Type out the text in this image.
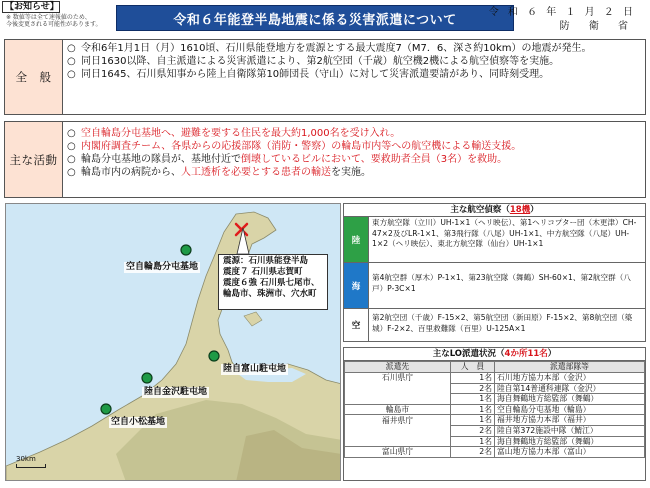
【お知らせ】
※ 数値等は全て速報値のため、
今後変更される可能性があります。	令和６年能登半島地震に係る災害派遣について	令 和 ６ 年 １ 月 ２ 日
防 衛 省
全　般
○ 令和6年1月1日（月）1610頃、石川県能登地方を震源とする最大震度7（M7．6、深さ約10km）の地震が発生。
○ 同日1630以降、自主派遣による災害派遣により、第2航空団（千歳）航空機2機による航空偵察等を実施。
○ 同日1645、石川県知事から陸上自衛隊第10師団長（守山）に対して災害派遣要請があり、同時刻受理。
主な活動
○ 空自輪島分屯基地へ、避難を要する住民を最大約1,000名を受け入れ。
○ 内閣府調査チーム、各県からの応援部隊（消防・警察）の輪島市内等への航空機による輸送支援。
○ 輪島分屯基地の隊員が、基地付近で倒壊しているビルにおいて、要救助者全員（3名）を救助。
○ 輪島市内の病院から、人工透析を必要とする患者の輸送を実施。
空自輪島分屯基地
陸自富山駐屯地
陸自金沢駐屯地
空自小松基地
震源：石川県能登半島
震度７ 石川県志賀町
震度６強 石川県七尾市、
輪島市、珠洲市、穴水町
30km
主な航空偵察（18機）
陸
東方航空隊（立川）UH-1×1（ヘリ映伝）、第1ヘリコプター団（木更津）CH-47×2及びLR-1×1、第3飛行隊（八尾）UH-1×1、中方航空隊（八尾）UH-1×2（ヘリ映伝）、東北方航空隊（仙台）UH-1×1
海
第4航空群（厚木）P-1×1、第23航空隊（舞鶴）SH-60×1、第2航空群（八戸）P-3C×1
空
第2航空団（千歳）F-15×2、第5航空団（新田原）F-15×2、第8航空団（築城）F-2×2、百里救難隊（百里）U-125A×1
主なLO派遣状況（4か所11名）
派遣先	人　員	派遣部隊等
石川県庁	1名	石川地方協力本部（金沢）
	2名	陸自第14普通科連隊（金沢）
	1名	海自舞鶴地方総監部（舞鶴）
輪島市	1名	空自輪島分屯基地（輪島）
福井県庁	1名	福井地方協力本部（福井）
	2名	陸自第372施設中隊（鯖江）
	1名	海自舞鶴地方総監部（舞鶴）
富山県庁	2名	富山地方協力本部（富山）
